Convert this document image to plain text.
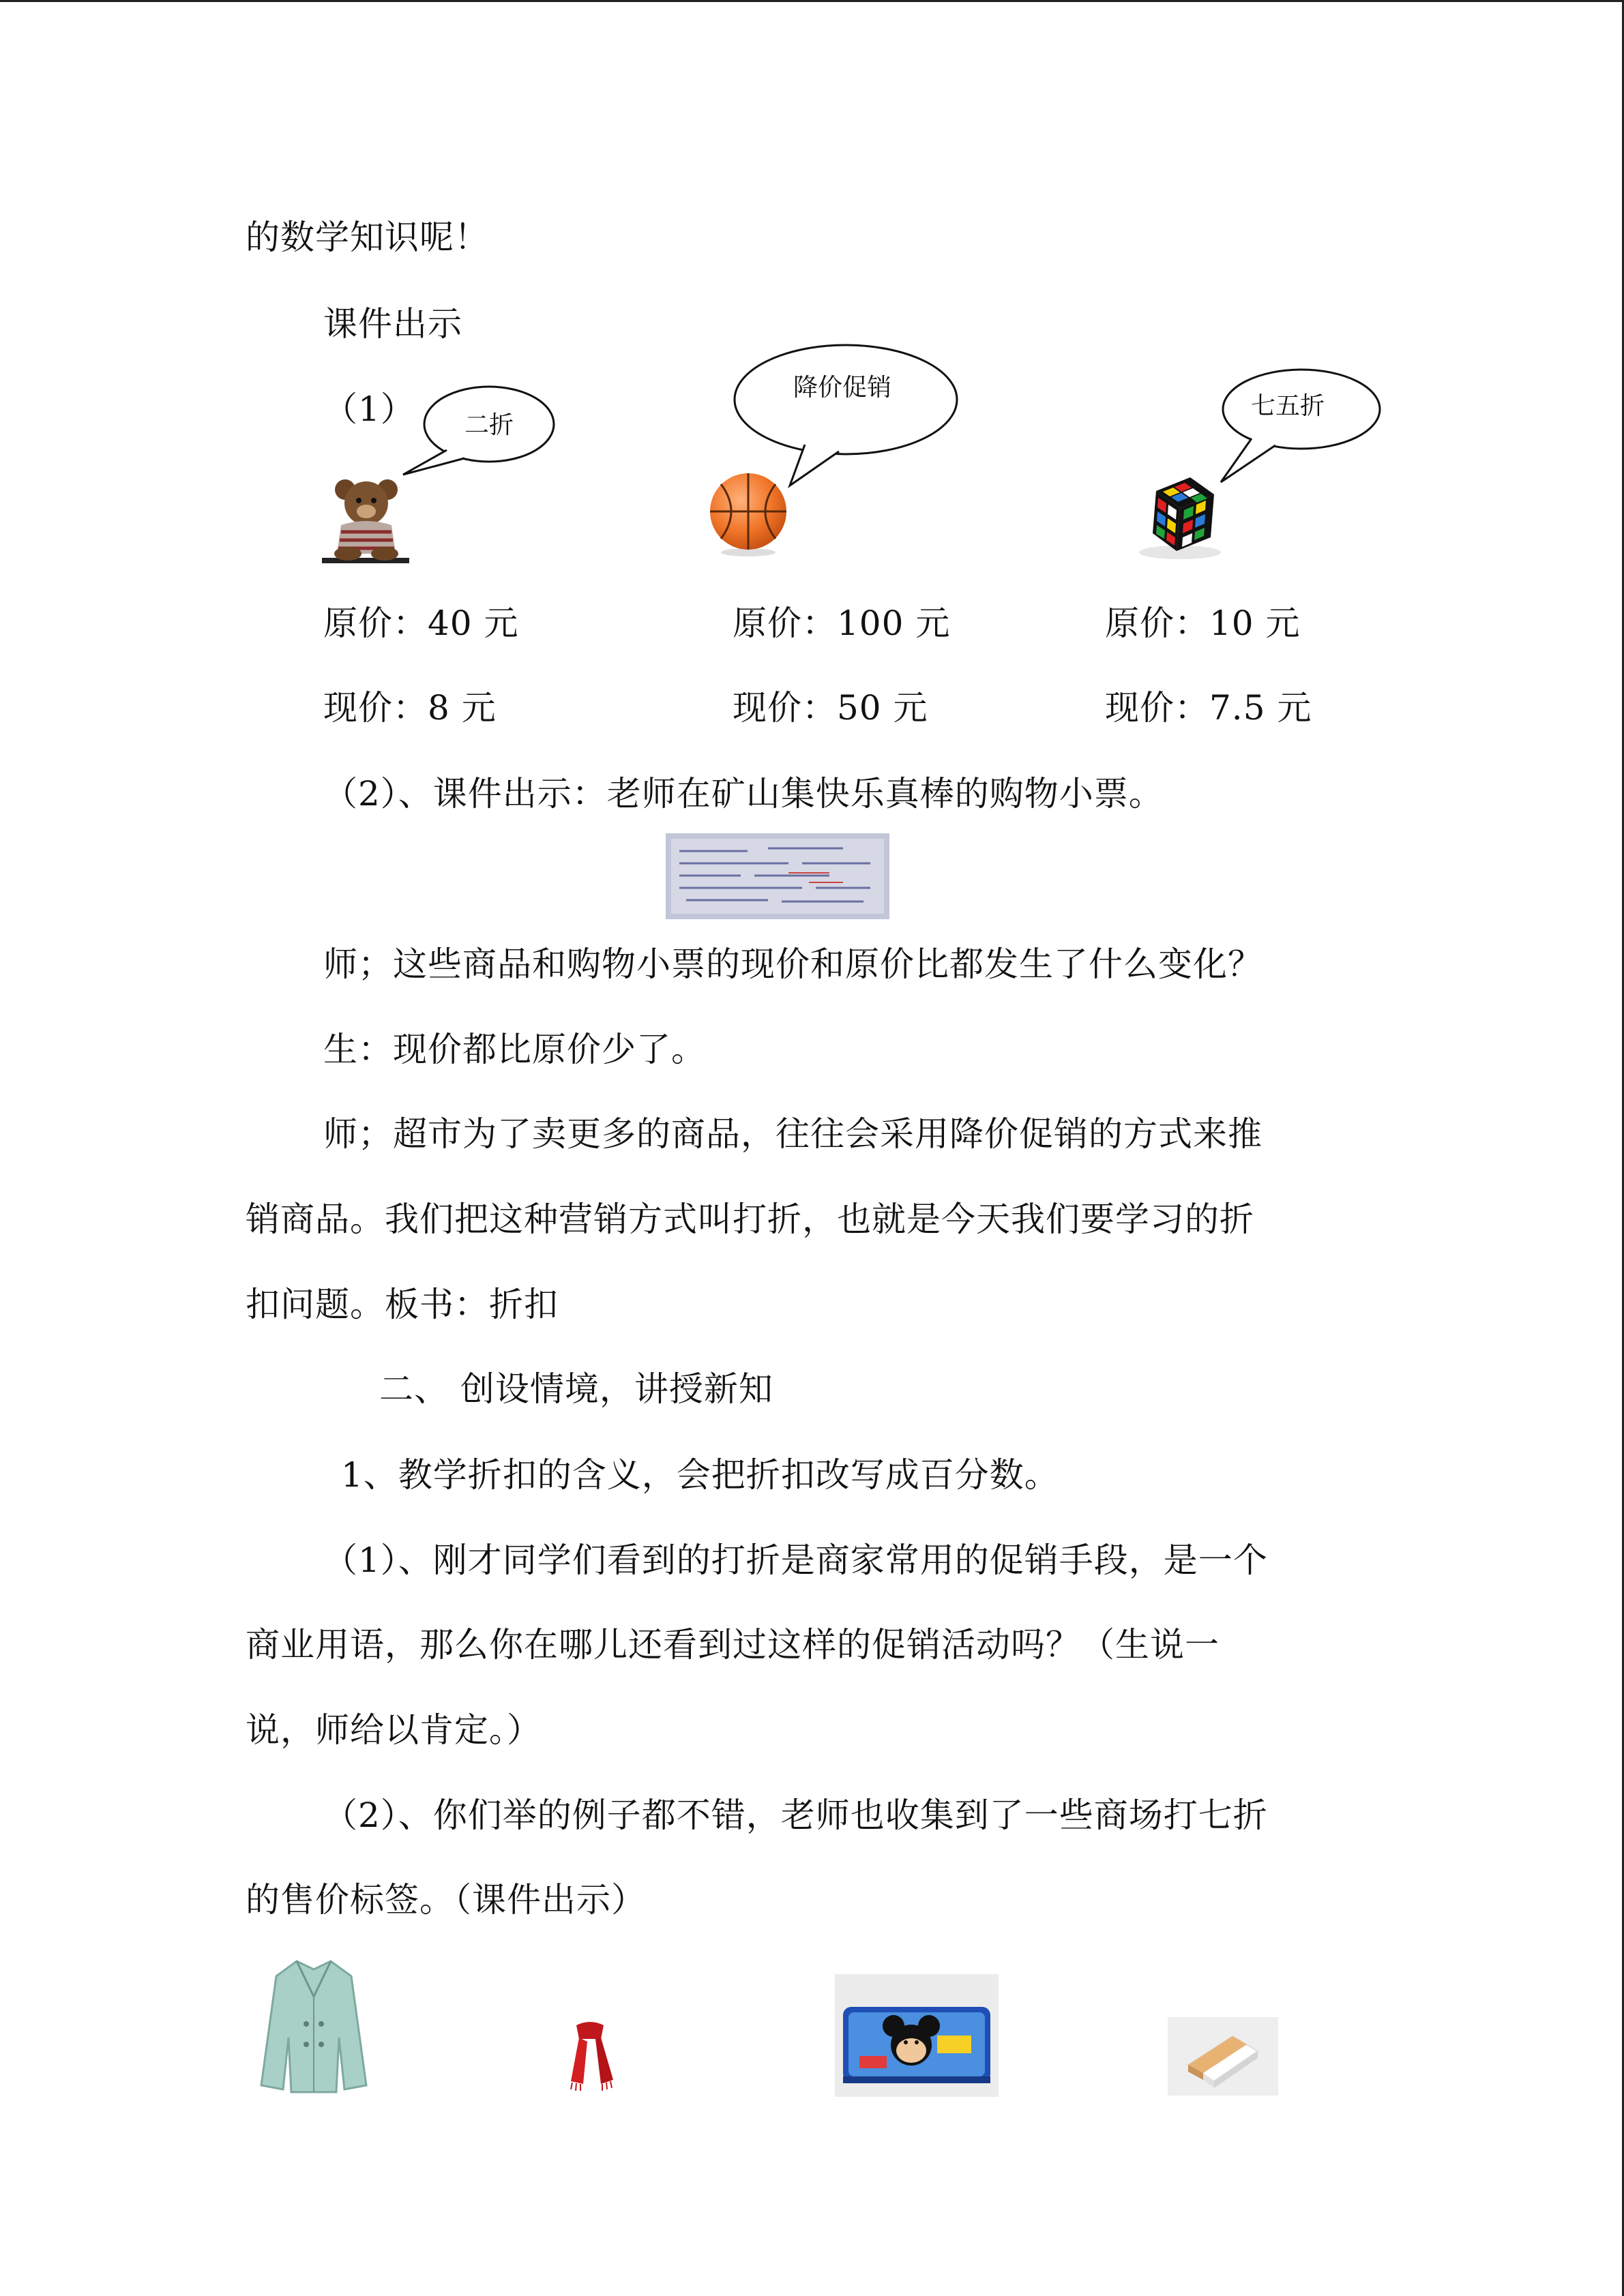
的数学知识呢！
课件出示
（1） 二折
降价促销
七五折
原价：40 元	原价：100 元	原价：10 元
现价：8 元	现价：50 元	现价：7.5 元
（2）、课件出示：老师在矿山集快乐真棒的购物小票。
师；这些商品和购物小票的现价和原价比都发生了什么变化？
生：现价都比原价少了。
师；超市为了卖更多的商品，往往会采用降价促销的方式来推
销商品。我们把这种营销方式叫打折，也就是今天我们要学习的折
扣问题。板书：折扣
二、 创设情境，讲授新知
1、教学折扣的含义，会把折扣改写成百分数。
（1）、刚才同学们看到的打折是商家常用的促销手段，是一个
商业用语，那么你在哪儿还看到过这样的促销活动吗？（生说一
说，师给以肯定。）
（2）、你们举的例子都不错，老师也收集到了一些商场打七折
的售价标签。（课件出示）
